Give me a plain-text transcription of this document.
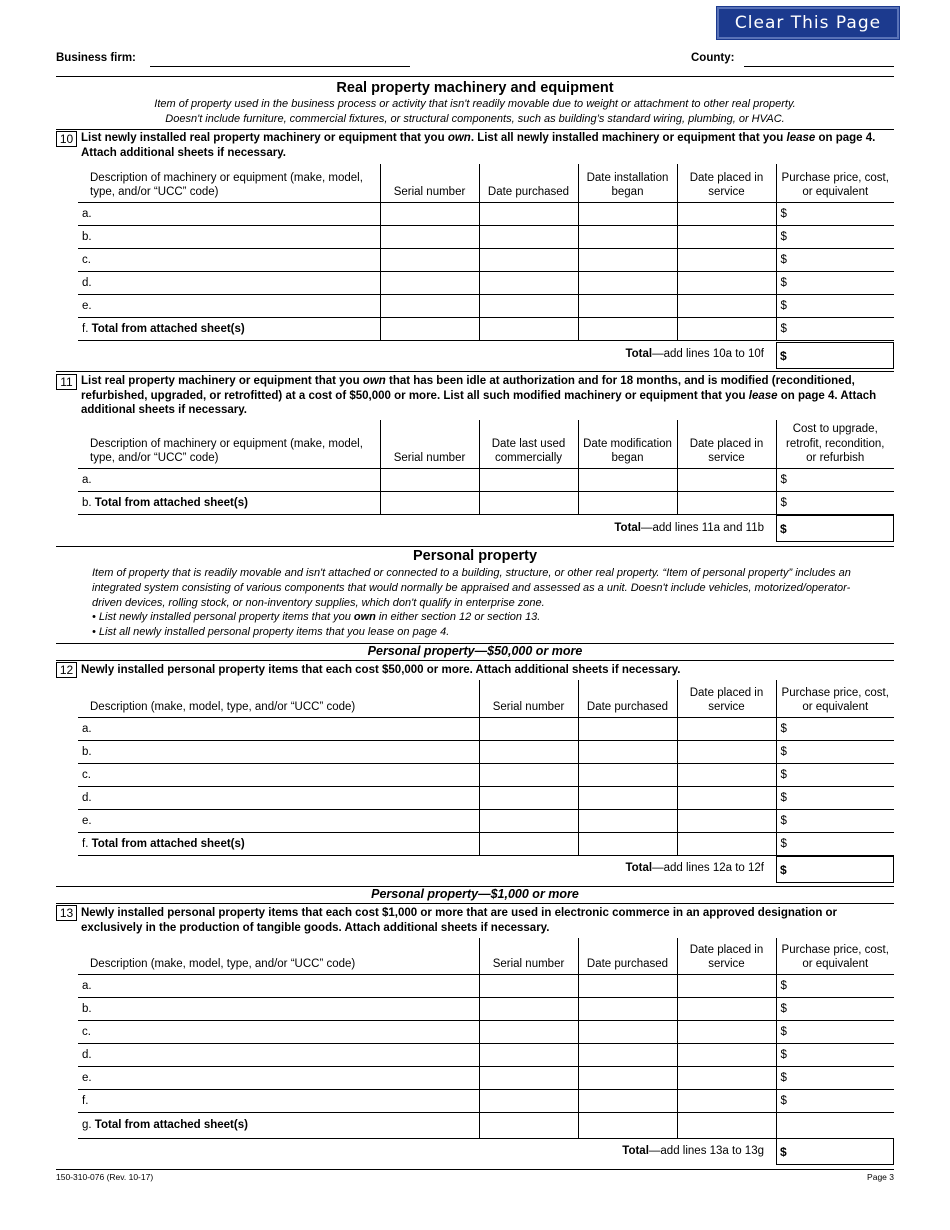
Clear This Page
Business firm:	County:
Real property machinery and equipment
Item of property used in the business process or activity that isn't readily movable due to weight or attachment to other real property.
Doesn't include furniture, commercial fixtures, or structural components, such as building’s standard wiring, plumbing, or HVAC.
10 List newly installed real property machinery or equipment that you own. List all newly installed machinery or equipment that you lease on page 4. Attach additional sheets if necessary.
Description of machinery or equipment (make, model, type, and/or “UCC” code)	Serial number	Date purchased	Date installation began	Date placed in service	Purchase price, cost, or equivalent
a.					$
b.					$
c.					$
d.					$
e.					$
f. Total from attached sheet(s)					$
Total—add lines 10a to 10f	$
11 List real property machinery or equipment that you own that has been idle at authorization and for 18 months, and is modified (reconditioned, refurbished, upgraded, or retrofitted) at a cost of $50,000 or more. List all such modified machinery or equipment that you lease on page 4. Attach additional sheets if necessary.
Description of machinery or equipment (make, model, type, and/or “UCC” code)	Serial number	Date last used commercially	Date modification began	Date placed in service	Cost to upgrade, retrofit, recondition, or refurbish
a.					$
b. Total from attached sheet(s)					$
Total—add lines 11a and 11b	$
Personal property
Item of property that is readily movable and isn't attached or connected to a building, structure, or other real property. “Item of personal property” includes an integrated system consisting of various components that would normally be appraised and assessed as a unit. Doesn't include vehicles, motorized/operator-driven devices, rolling stock, or non-inventory supplies, which don't qualify in enterprise zone.
• List newly installed personal property items that you own in either section 12 or section 13.
• List all newly installed personal property items that you lease on page 4.
Personal property—$50,000 or more
12 Newly installed personal property items that each cost $50,000 or more. Attach additional sheets if necessary.
Description (make, model, type, and/or “UCC” code)	Serial number	Date purchased	Date placed in service	Purchase price, cost, or equivalent
a.				$
b.				$
c.				$
d.				$
e.				$
f. Total from attached sheet(s)				$
Total—add lines 12a to 12f	$
Personal property—$1,000 or more
13 Newly installed personal property items that each cost $1,000 or more that are used in electronic commerce in an approved designation or exclusively in the production of tangible goods. Attach additional sheets if necessary.
Description (make, model, type, and/or “UCC” code)	Serial number	Date purchased	Date placed in service	Purchase price, cost, or equivalent
a.				$
b.				$
c.				$
d.				$
e.				$
f.				$
g. Total from attached sheet(s)				
Total—add lines 13a to 13g	$
150-310-076 (Rev. 10-17)	Page 3
